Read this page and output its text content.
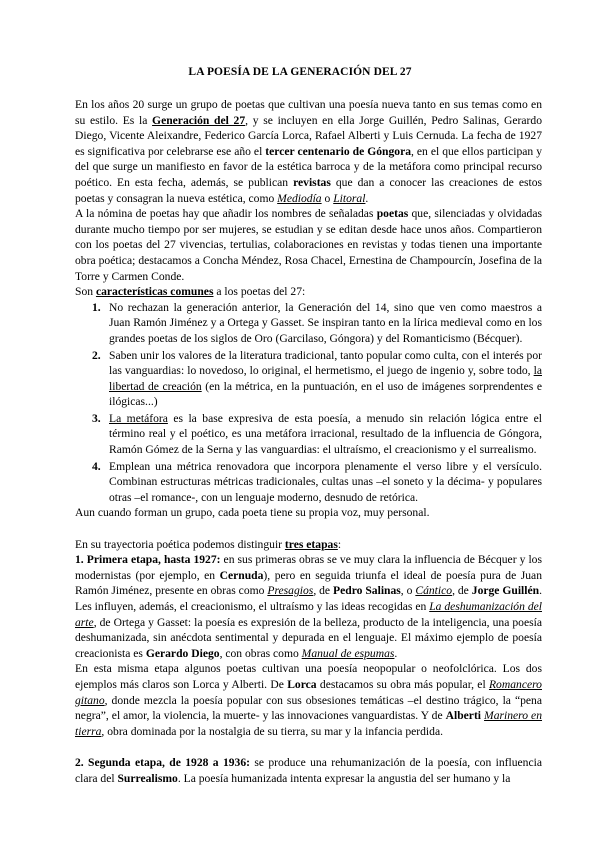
LA POESÍA DE LA GENERACIÓN DEL 27

En los años 20 surge un grupo de poetas que cultivan una poesía nueva tanto en sus temas como en su estilo. Es la Generación del 27, y se incluyen en ella Jorge Guillén, Pedro Salinas, Gerardo Diego, Vicente Aleixandre, Federico García Lorca, Rafael Alberti y Luis Cernuda. La fecha de 1927 es significativa por celebrarse ese año el tercer centenario de Góngora, en el que ellos participan y del que surge un manifiesto en favor de la estética barroca y de la metáfora como principal recurso poético. En esta fecha, además, se publican revistas que dan a conocer las creaciones de estos poetas y consagran la nueva estética, como Mediodía o Litoral.

A la nómina de poetas hay que añadir los nombres de señaladas poetas que, silenciadas y olvidadas durante mucho tiempo por ser mujeres, se estudian y se editan desde hace unos años. Compartieron con los poetas del 27 vivencias, tertulias, colaboraciones en revistas y todas tienen una importante obra poética; destacamos a Concha Méndez, Rosa Chacel, Ernestina de Champourcín, Josefina de la Torre y Carmen Conde.

Son características comunes a los poetas del 27:

1. No rechazan la generación anterior, la Generación del 14, sino que ven como maestros a Juan Ramón Jiménez y a Ortega y Gasset. Se inspiran tanto en la lírica medieval como en los grandes poetas de los siglos de Oro (Garcilaso, Góngora) y del Romanticismo (Bécquer).
2. Saben unir los valores de la literatura tradicional, tanto popular como culta, con el interés por las vanguardias: lo novedoso, lo original, el hermetismo, el juego de ingenio y, sobre todo, la libertad de creación (en la métrica, en la puntuación, en el uso de imágenes sorprendentes e ilógicas...)
3. La metáfora es la base expresiva de esta poesía, a menudo sin relación lógica entre el término real y el poético, es una metáfora irracional, resultado de la influencia de Góngora, Ramón Gómez de la Serna y las vanguardias: el ultraísmo, el creacionismo y el surrealismo.
4. Emplean una métrica renovadora que incorpora plenamente el verso libre y el versículo. Combinan estructuras métricas tradicionales, cultas unas –el soneto y la décima- y populares otras –el romance-, con un lenguaje moderno, desnudo de retórica.

Aun cuando forman un grupo, cada poeta tiene su propia voz, muy personal.

En su trayectoria poética podemos distinguir tres etapas:

1. Primera etapa, hasta 1927: en sus primeras obras se ve muy clara la influencia de Bécquer y los modernistas (por ejemplo, en Cernuda), pero en seguida triunfa el ideal de poesía pura de Juan Ramón Jiménez, presente en obras como Presagios, de Pedro Salinas, o Cántico, de Jorge Guillén. Les influyen, además, el creacionismo, el ultraísmo y las ideas recogidas en La deshumanización del arte, de Ortega y Gasset: la poesía es expresión de la belleza, producto de la inteligencia, una poesía deshumanizada, sin anécdota sentimental y depurada en el lenguaje. El máximo ejemplo de poesía creacionista es Gerardo Diego, con obras como Manual de espumas.

En esta misma etapa algunos poetas cultivan una poesía neopopular o neofolclórica. Los dos ejemplos más claros son Lorca y Alberti. De Lorca destacamos su obra más popular, el Romancero gitano, donde mezcla la poesía popular con sus obsesiones temáticas –el destino trágico, la “pena negra”, el amor, la violencia, la muerte- y las innovaciones vanguardistas. Y de Alberti Marinero en tierra, obra dominada por la nostalgia de su tierra, su mar y la infancia perdida.

2. Segunda etapa, de 1928 a 1936: se produce una rehumanización de la poesía, con influencia clara del Surrealismo. La poesía humanizada intenta expresar la angustia del ser humano y la
